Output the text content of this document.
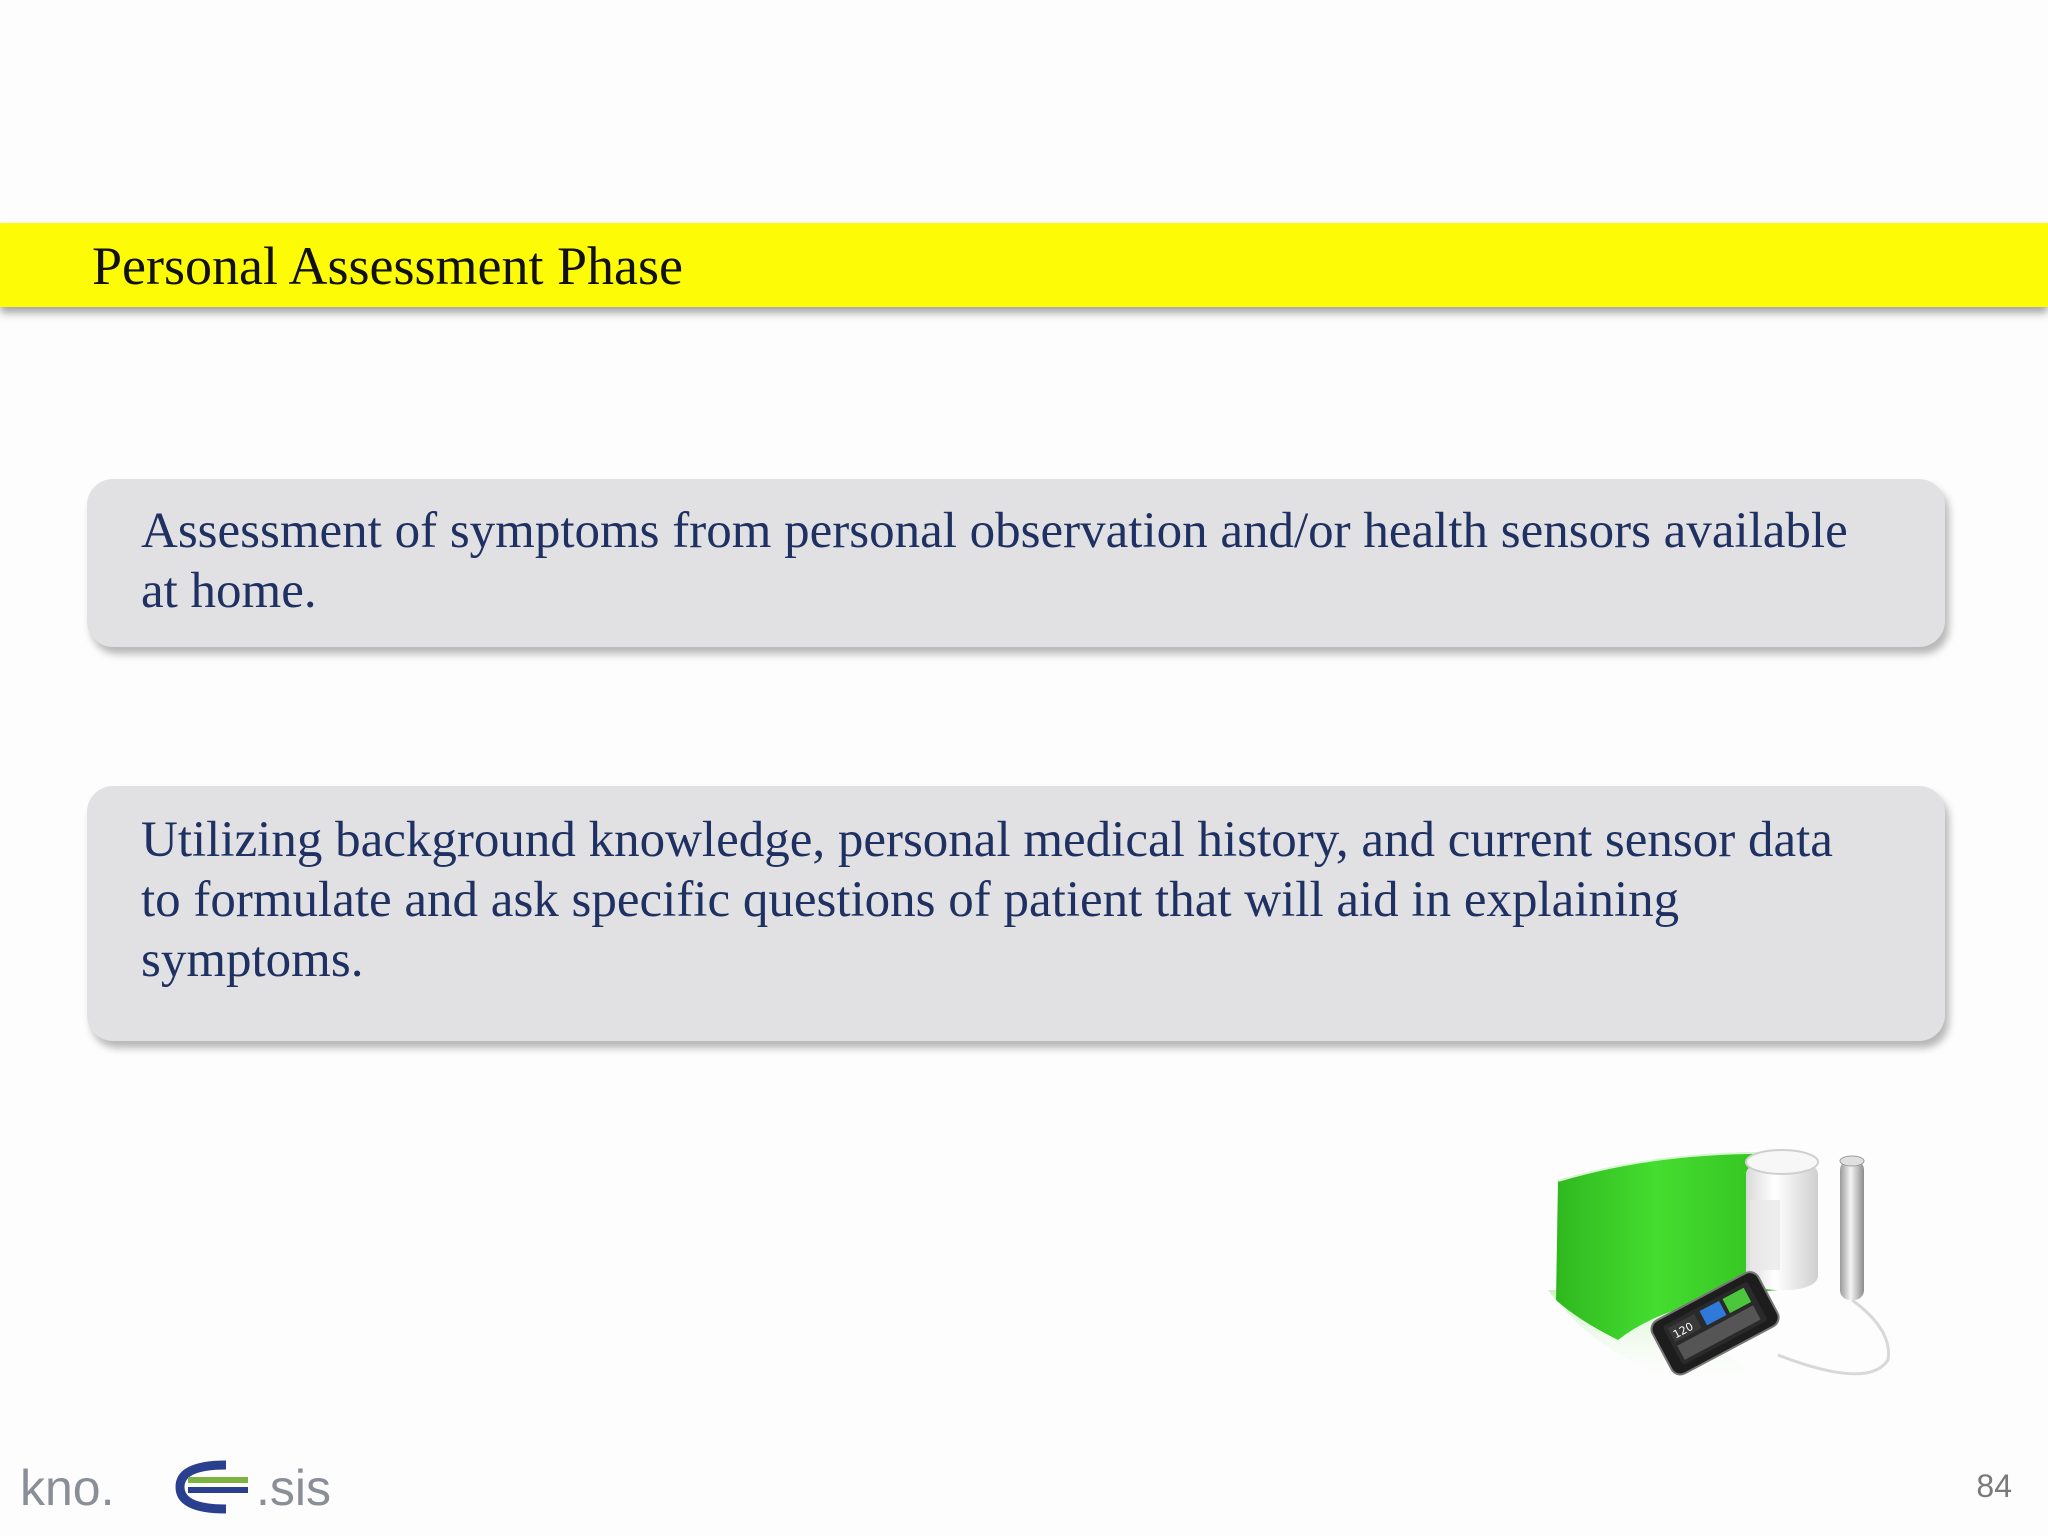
Personal Assessment Phase

Assessment of symptoms from personal observation and/or health sensors available at home.

Utilizing background knowledge, personal medical history, and current sensor data to formulate and ask specific questions of patient that will aid in explaining symptoms.

120
kno.	.sis	84
